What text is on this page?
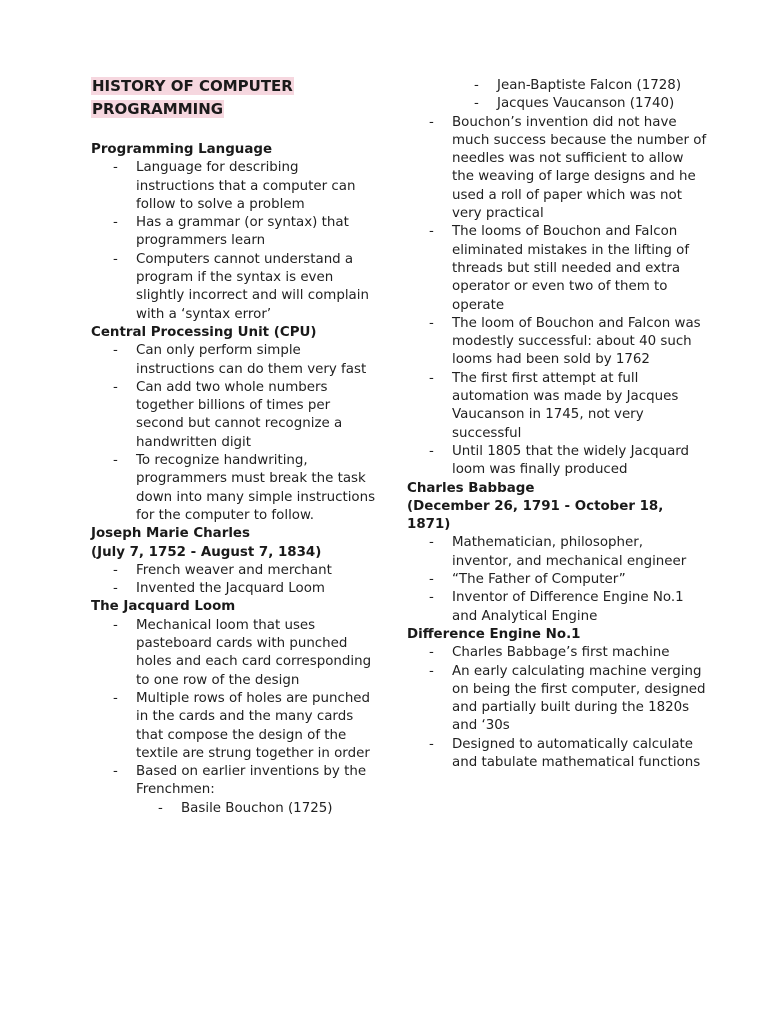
HISTORY OF COMPUTER
PROGRAMMING

Programming Language

- Language for describing instructions that a computer can follow to solve a problem
- Has a grammar (or syntax) that programmers learn
- Computers cannot understand a program if the syntax is even slightly incorrect and will complain with a ‘syntax error’

Central Processing Unit (CPU)

- Can only perform simple instructions can do them very fast
- Can add two whole numbers together billions of times per second but cannot recognize a handwritten digit
- To recognize handwriting, programmers must break the task down into many simple instructions for the computer to follow.

Joseph Marie Charles

(July 7, 1752 - August 7, 1834)

- French weaver and merchant
- Invented the Jacquard Loom

The Jacquard Loom

- Mechanical loom that uses pasteboard cards with punched holes and each card corresponding to one row of the design
- Multiple rows of holes are punched in the cards and the many cards that compose the design of the textile are strung together in order
- Based on earlier inventions by the Frenchmen:
- Basile Bouchon (1725)
- Jean-Baptiste Falcon (1728)
- Jacques Vaucanson (1740)
- Bouchon’s invention did not have much success because the number of needles was not sufficient to allow the weaving of large designs and he used a roll of paper which was not very practical
- The looms of Bouchon and Falcon eliminated mistakes in the lifting of threads but still needed and extra operator or even two of them to operate
- The loom of Bouchon and Falcon was modestly successful: about 40 such looms had been sold by 1762
- The first first attempt at full automation was made by Jacques Vaucanson in 1745, not very successful
- Until 1805 that the widely Jacquard loom was finally produced

Charles Babbage

(December 26, 1791 - October 18, 1871)

- Mathematician, philosopher, inventor, and mechanical engineer
- “The Father of Computer”
- Inventor of Difference Engine No.1 and Analytical Engine

Difference Engine No.1

- Charles Babbage’s first machine
- An early calculating machine verging on being the first computer, designed and partially built during the 1820s and ‘30s
- Designed to automatically calculate and tabulate mathematical functions
